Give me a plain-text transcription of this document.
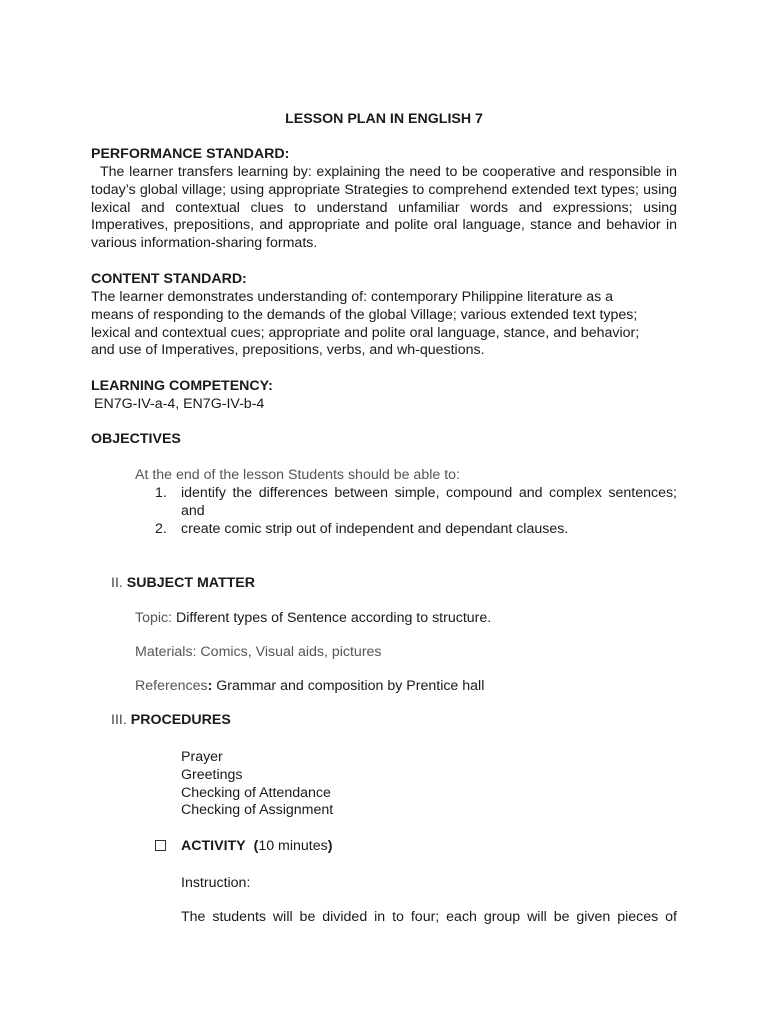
LESSON PLAN IN ENGLISH 7
PERFORMANCE STANDARD:
The learner transfers learning by: explaining the need to be cooperative and responsible in today’s global village; using appropriate Strategies to comprehend extended text types; using lexical and contextual clues to understand unfamiliar words and expressions; using Imperatives, prepositions, and appropriate and polite oral language, stance and behavior in various information-sharing formats.
CONTENT STANDARD:
The learner demonstrates understanding of: contemporary Philippine literature as a
means of responding to the demands of the global Village; various extended text types;
lexical and contextual cues; appropriate and polite oral language, stance, and behavior;
and use of Imperatives, prepositions, verbs, and wh-questions.
LEARNING COMPETENCY:
EN7G-IV-a-4, EN7G-IV-b-4
OBJECTIVES
At the end of the lesson Students should be able to:
1. identify the differences between simple, compound and complex sentences; and
2. create comic strip out of independent and dependant clauses.
II. SUBJECT MATTER
Topic: Different types of Sentence according to structure.
Materials: Comics, Visual aids, pictures
References: Grammar and composition by Prentice hall
III. PROCEDURES
Prayer
Greetings
Checking of Attendance
Checking of Assignment
ACTIVITY (10 minutes)
Instruction:
The students will be divided in to four; each group will be given pieces of
